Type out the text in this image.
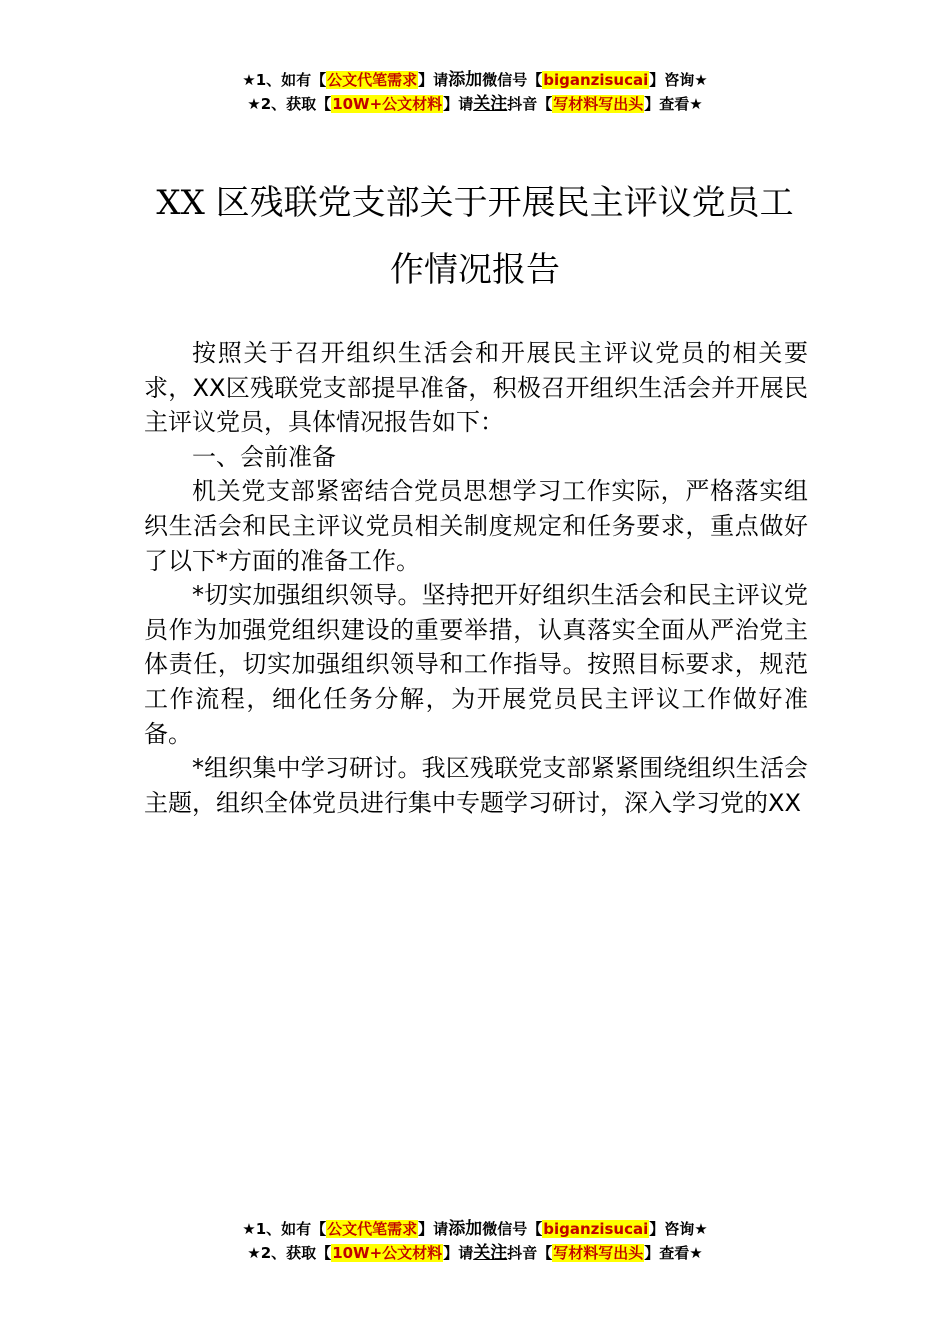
★1、如有【公文代笔需求】请添加微信号【biganzisucai】咨询★
★2、获取【10W+公文材料】请关注抖音【写材料写出头】查看★
XX 区残联党支部关于开展民主评议党员工
作情况报告

按照关于召开组织生活会和开展民主评议党员的相关要求，XX区残联党支部提早准备，积极召开组织生活会并开展民主评议党员，具体情况报告如下：

一、会前准备

机关党支部紧密结合党员思想学习工作实际，严格落实组织生活会和民主评议党员相关制度规定和任务要求，重点做好了以下*方面的准备工作。

*切实加强组织领导。坚持把开好组织生活会和民主评议党员作为加强党组织建设的重要举措，认真落实全面从严治党主体责任，切实加强组织领导和工作指导。按照目标要求，规范工作流程，细化任务分解，为开展党员民主评议工作做好准备。

*组织集中学习研讨。我区残联党支部紧紧围绕组织生活会主题，组织全体党员进行集中专题学习研讨，深入学习党的XX

★1、如有【公文代笔需求】请添加微信号【biganzisucai】咨询★
★2、获取【10W+公文材料】请关注抖音【写材料写出头】查看★
